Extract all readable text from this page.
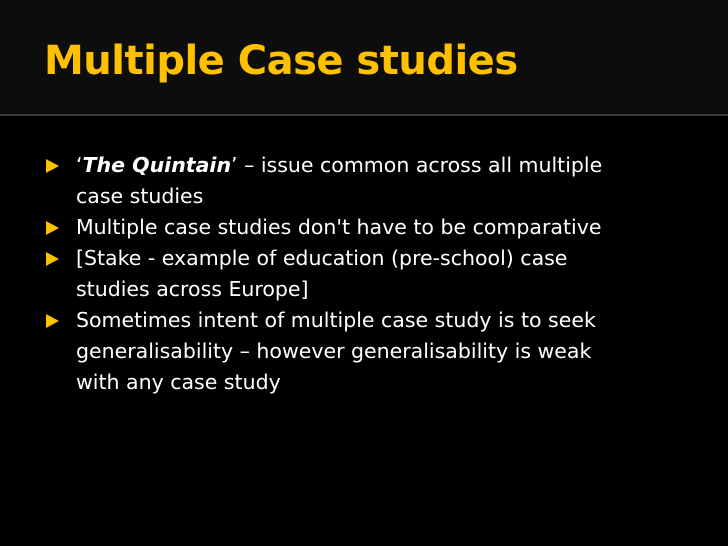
Multiple Case studies
‘The Quintain’ – issue common across all multiple
case studies
Multiple case studies don't have to be comparative
[Stake - example of education (pre-school) case
studies across Europe]
Sometimes intent of multiple case study is to seek
generalisability – however generalisability is weak
with any case study
